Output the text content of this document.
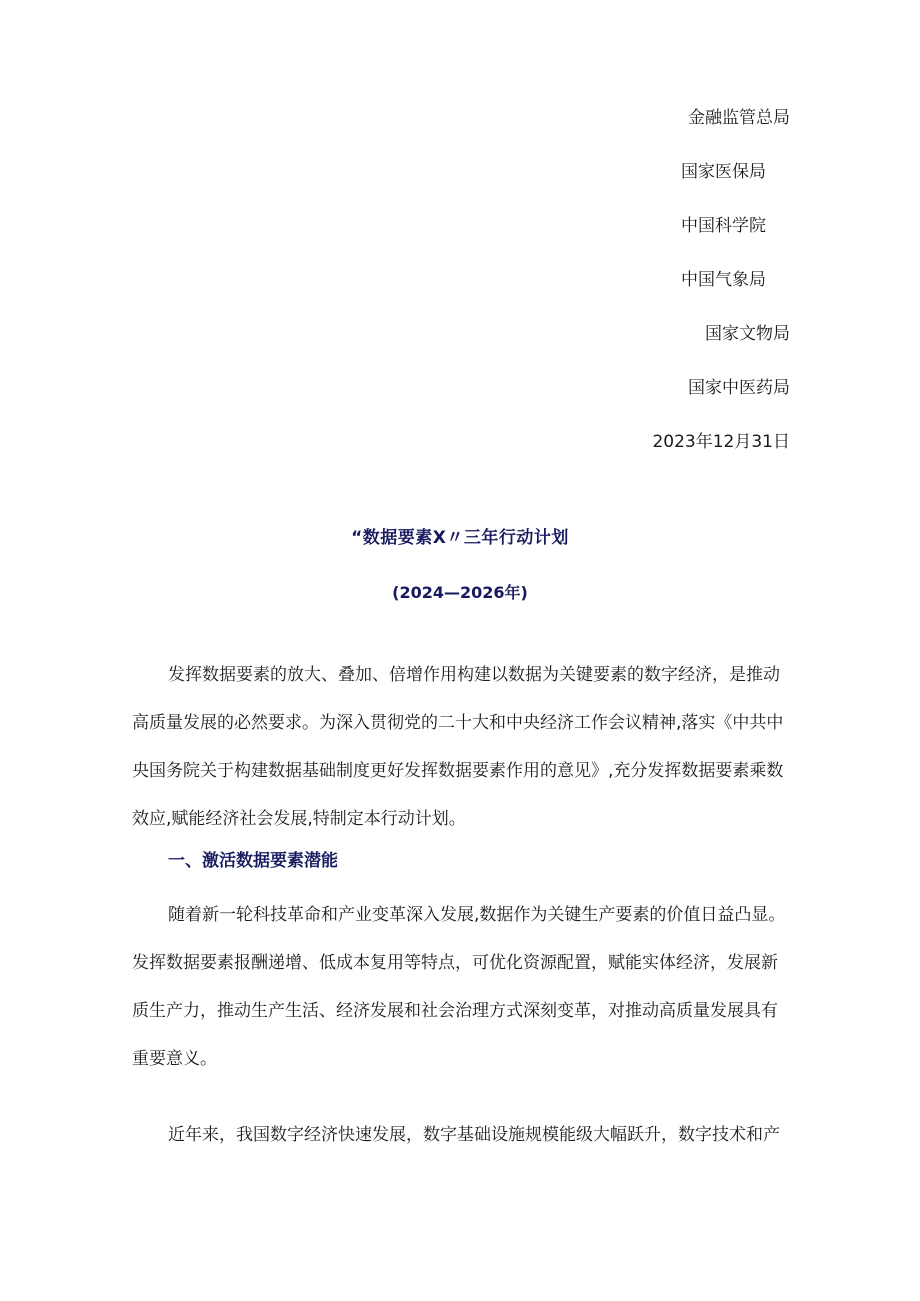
金融监管总局
国家医保局
中国科学院
中国气象局
国家文物局
国家中医药局
2023年12月31日
“数据要素X〃三年行动计划
(2024—2026年)

发挥数据要素的放大、叠加、倍增作用构建以数据为关键要素的数字经济，是推动高质量发展的必然要求。为深入贯彻党的二十大和中央经济工作会议精神,落实《中共中央国务院关于构建数据基础制度更好发挥数据要素作用的意见》,充分发挥数据要素乘数效应,赋能经济社会发展,特制定本行动计划。

一、激活数据要素潜能

随着新一轮科技革命和产业变革深入发展,数据作为关键生产要素的价值日益凸显。发挥数据要素报酬递增、低成本复用等特点，可优化资源配置，赋能实体经济，发展新质生产力，推动生产生活、经济发展和社会治理方式深刻变革，对推动高质量发展具有重要意义。

近年来，我国数字经济快速发展，数字基础设施规模能级大幅跃升，数字技术和产
